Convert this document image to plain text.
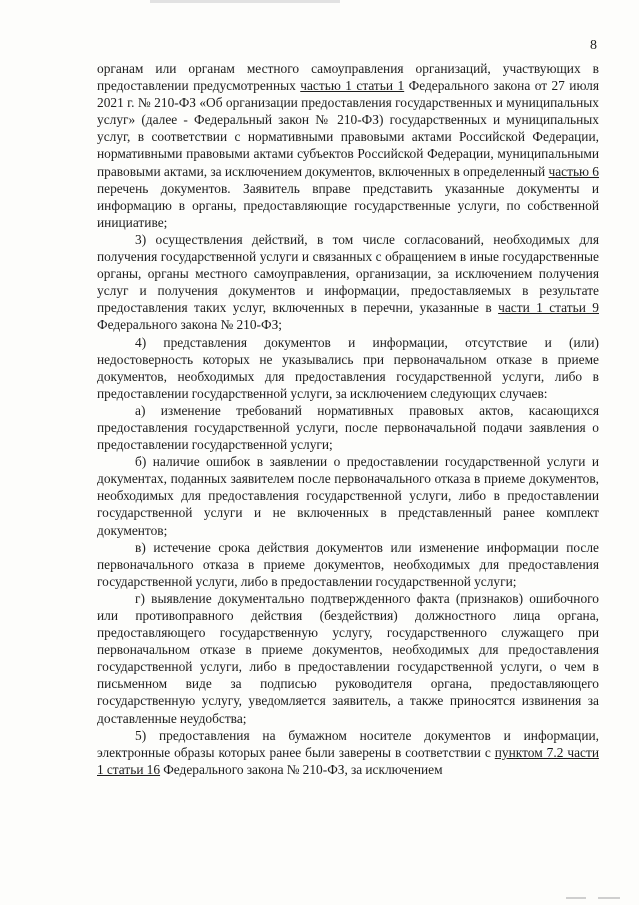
8

органам или органам местного самоуправления организаций, участвующих в предоставлении предусмотренных частью 1 статьи 1 Федерального закона от 27 июля 2021 г. № 210-ФЗ «Об организации предоставления государственных и муниципальных услуг» (далее - Федеральный закон № 210-ФЗ) государственных и муниципальных услуг, в соответствии с нормативными правовыми актами Российской Федерации, нормативными правовыми актами субъектов Российской Федерации, муниципальными правовыми актами, за исключением документов, включенных в определенный частью 6 перечень документов. Заявитель вправе представить указанные документы и информацию в органы, предоставляющие государственные услуги, по собственной инициативе;

3) осуществления действий, в том числе согласований, необходимых для получения государственной услуги и связанных с обращением в иные государственные органы, органы местного самоуправления, организации, за исключением получения услуг и получения документов и информации, предоставляемых в результате предоставления таких услуг, включенных в перечни, указанные в части 1 статьи 9 Федерального закона № 210-ФЗ;

4) представления документов и информации, отсутствие и (или) недостоверность которых не указывались при первоначальном отказе в приеме документов, необходимых для предоставления государственной услуги, либо в предоставлении государственной услуги, за исключением следующих случаев:

а) изменение требований нормативных правовых актов, касающихся предоставления государственной услуги, после первоначальной подачи заявления о предоставлении государственной услуги;

б) наличие ошибок в заявлении о предоставлении государственной услуги и документах, поданных заявителем после первоначального отказа в приеме документов, необходимых для предоставления государственной услуги, либо в предоставлении государственной услуги и не включенных в представленный ранее комплект документов;

в) истечение срока действия документов или изменение информации после первоначального отказа в приеме документов, необходимых для предоставления государственной услуги, либо в предоставлении государственной услуги;

г) выявление документально подтвержденного факта (признаков) ошибочного или противоправного действия (бездействия) должностного лица органа, предоставляющего государственную услугу, государственного служащего при первоначальном отказе в приеме документов, необходимых для предоставления государственной услуги, либо в предоставлении государственной услуги, о чем в письменном виде за подписью руководителя органа, предоставляющего государственную услугу, уведомляется заявитель, а также приносятся извинения за доставленные неудобства;

5) предоставления на бумажном носителе документов и информации, электронные образы которых ранее были заверены в соответствии с пунктом 7.2 части 1 статьи 16 Федерального закона № 210-ФЗ, за исключением
